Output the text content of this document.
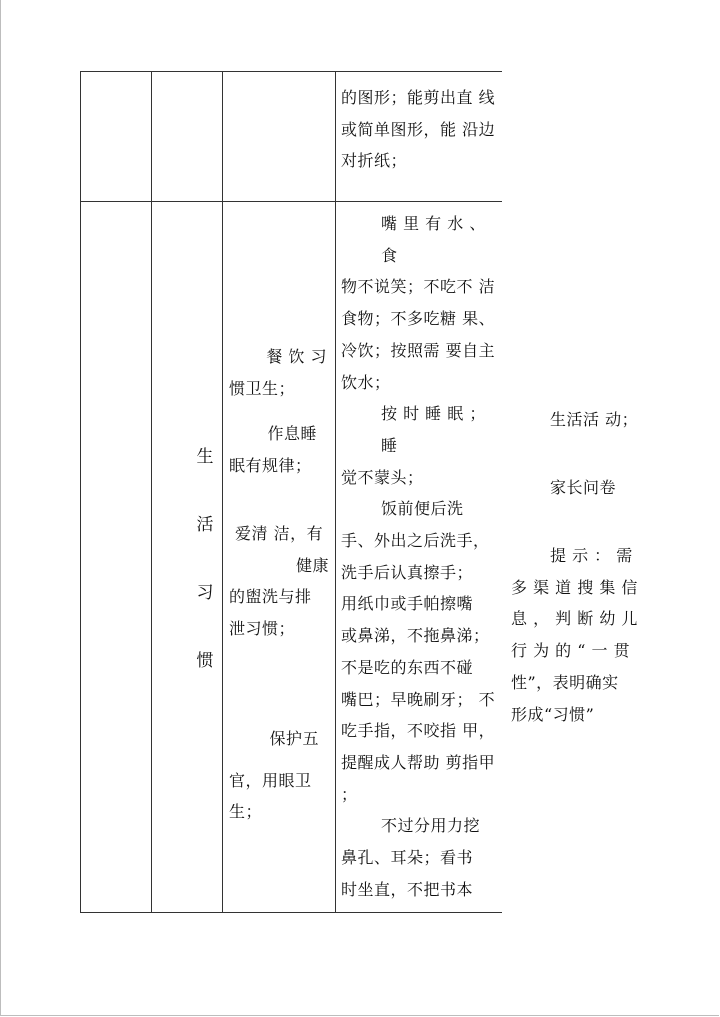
的图形；能剪出直 线

或简单图形，能 沿边

对折纸；

生
活
习
惯

餐 饮 习

惯卫生；

作息睡

眠有规律；

爱清 洁，有

健康

的盥洗与排

泄习惯；

保护五

官，用眼卫

生；

嘴 里 有 水 、 食

物不说笑；不吃不 洁

食物；不多吃糖 果、

冷饮；按照需 要自主

饮水；

按 时 睡 眠 ； 睡

觉不蒙头；

饭前便后洗

手、外出之后洗手，

洗手后认真擦手；

用纸巾或手帕擦嘴

或鼻涕，不拖鼻涕；

不是吃的东西不碰

嘴巴；早晚刷牙； 不

吃手指，不咬指 甲，

提醒成人帮助 剪指甲

；

不过分用力挖

鼻孔、耳朵；看书

时坐直，不把书本

生活活 动；
家长问卷

提 示 ： 需

多 渠 道 搜 集 信

息 ， 判 断 幼 儿

行 为 的 “ 一 贯

性”，表明确实

形成“习惯”
